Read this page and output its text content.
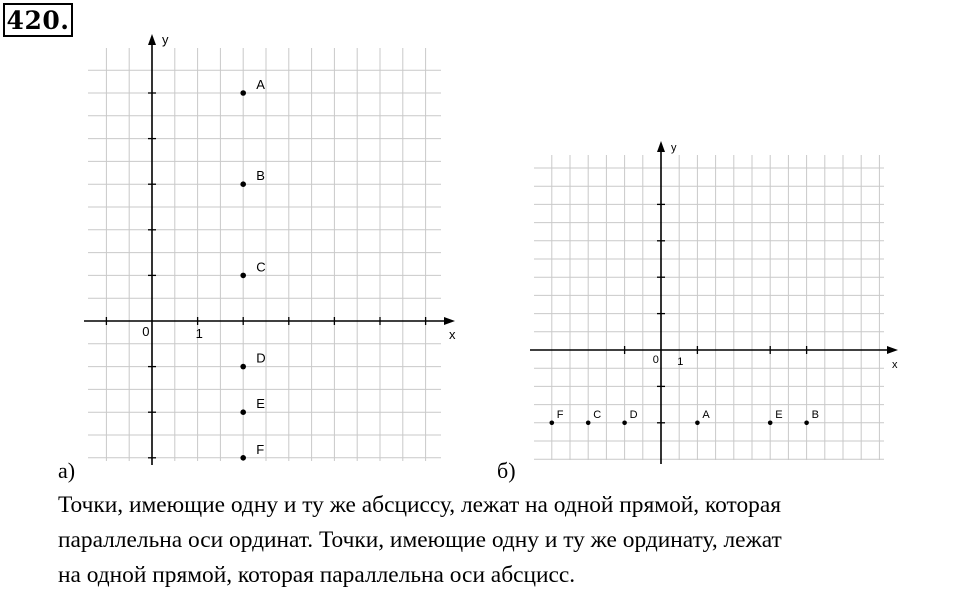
420.
x
y
0	1
A
B
C
D
E
F
x
y
0 1
F	C	D	A	E	B
а)	б)
Точки, имеющие одну и ту же абсциссу, лежат на одной прямой, которая
параллельна оси ординат. Точки, имеющие одну и ту же ординату, лежат
на одной прямой, которая параллельна оси абсцисс.
